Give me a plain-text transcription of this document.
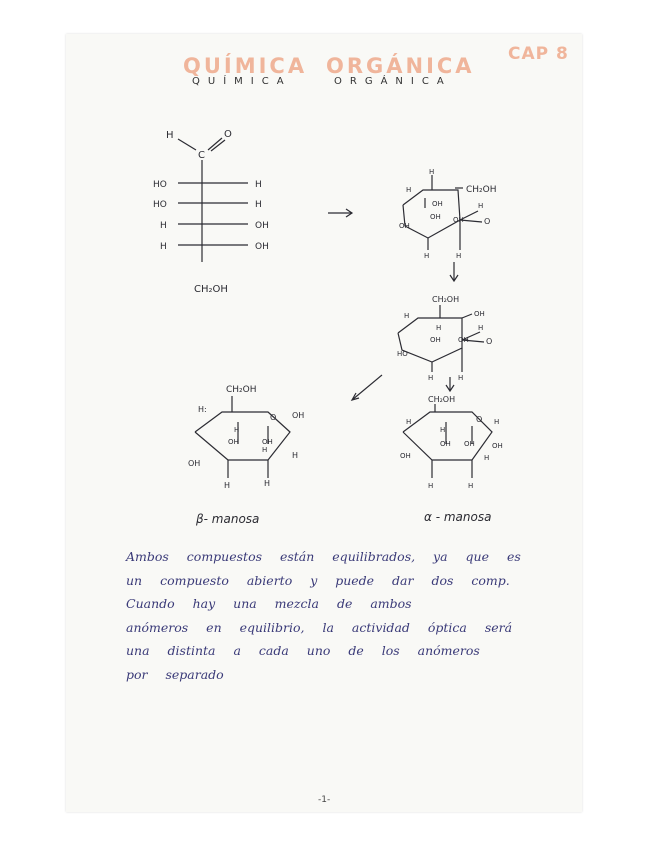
QUÍMICA ORGÁNICA
QUÍMICA	ORGÁNICA
CAP 8
H
C
O
HO	H
HO	H
H	OH
H	OH
CH₂OH
H
CH₂OH
H
OH
OH OH
H
OH
H	H
O
CH₂OH
H	OH
H
OH OH
H
HO
H	H
O
CH₂OH
H	O H
H
OH OH OH
OH	H
H	H
CH₂OH
H:
O OH
H
OH	OH
H
OH
H
H	H
β- manosa	α - manosa
Ambos compuestos están equilibrados, ya que es
un compuesto abierto y puede dar dos comp.
Cuando hay una mezcla de ambos
anómeros en equilibrio, la actividad óptica será
una distinta a cada uno de los anómeros
por separado
-1-
